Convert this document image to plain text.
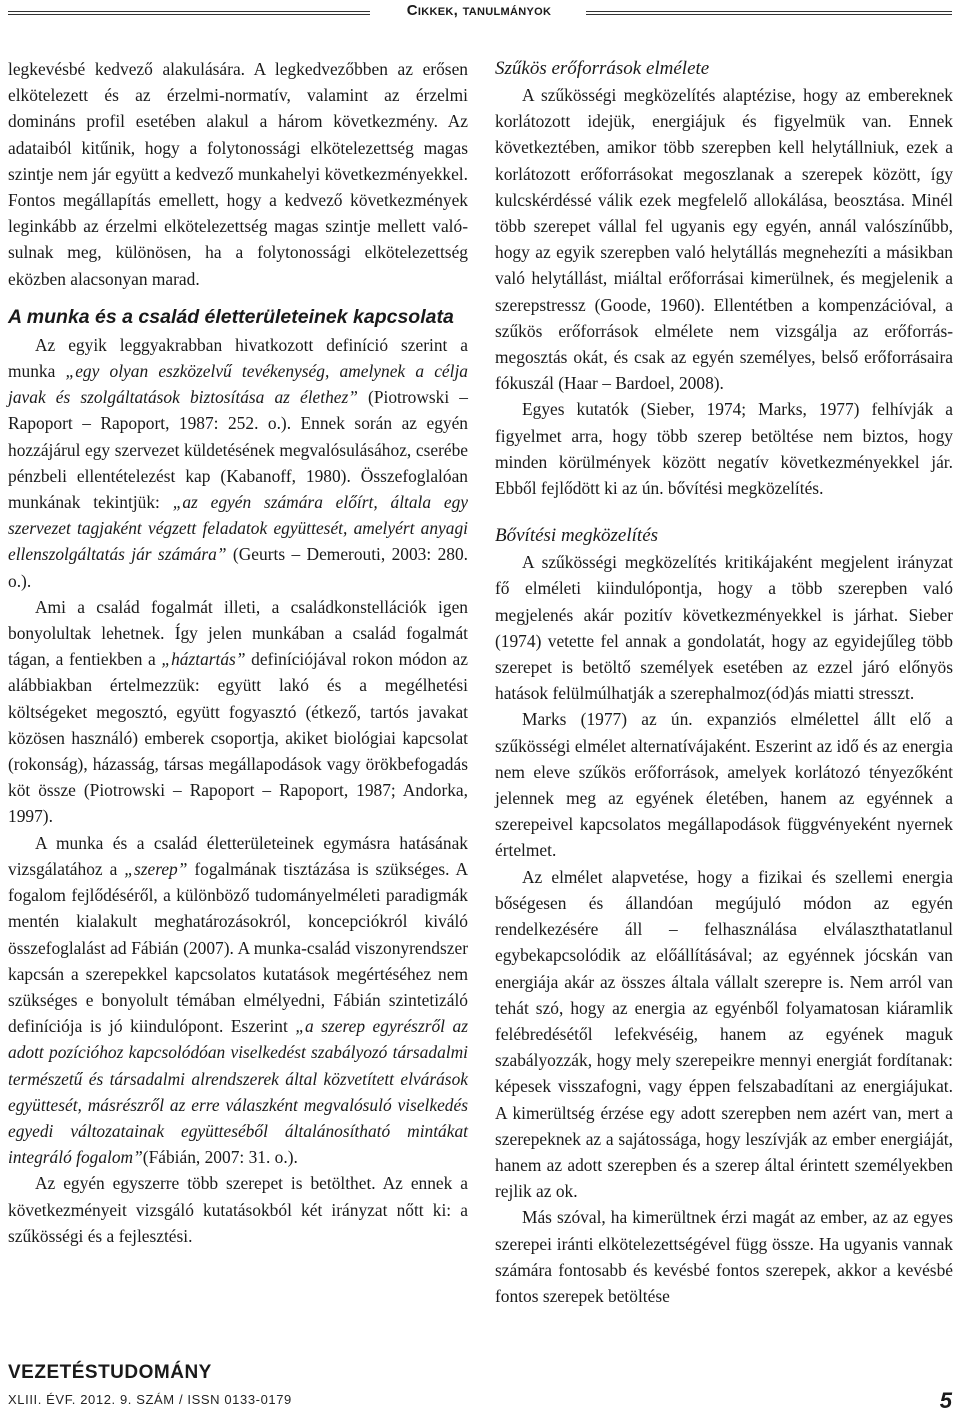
Cikkek, tanulmányok

legkevésbé kedvező alakulására. A legkedvezőbben az erősen elkötelezett és az érzelmi-normatív, valamint az érzelmi domináns profil esetében alakul a három következmény. Az adataiból kitűnik, hogy a folytonossági elkötelezettség magas szintje nem jár együtt a kedvező munkahelyi következményekkel. Fontos megállapítás emellett, hogy a kedvező következmények leginkább az érzelmi elkötelezettség magas szintje mellett valósulnak meg, különösen, ha a folytonossági elkötelezettség eközben alacsonyan marad.

A munka és a család életterületeinek kapcsolata

Az egyik leggyakrabban hivatkozott definíció szerint a munka „egy olyan eszközelvű tevékenység, amelynek a célja javak és szolgáltatások biztosítása az élethez” (Piotrowski – Rapoport – Rapoport, 1987: 252. o.). Ennek során az egyén hozzájárul egy szervezet küldetésének megvalósulásához, cserébe pénzbeli ellentételezést kap (Kabanoff, 1980). Összefoglalóan munkának tekintjük: „az egyén számára előírt, általa egy szervezet tagjaként végzett feladatok együttesét, amelyért anyagi ellenszolgáltatás jár számára” (Geurts – Demerouti, 2003: 280. o.).

Ami a család fogalmát illeti, a családkonstellációk igen bonyolultak lehetnek. Így jelen munkában a család fogalmát tágan, a fentiekben a „háztartás” definíciójával rokon módon az alábbiakban értelmezzük: együtt lakó és a megélhetési költségeket megosztó, együtt fogyasztó (étkező, tartós javakat közösen használó) emberek csoportja, akiket biológiai kapcsolat (rokonság), házasság, társas megállapodások vagy örökbefogadás köt össze (Piotrowski – Rapoport – Rapoport, 1987; Andorka, 1997).

A munka és a család életterületeinek egymásra hatásának vizsgálatához a „szerep” fogalmának tisztázása is szükséges. A fogalom fejlődéséről, a különböző tudományelméleti paradigmák mentén kialakult meghatározásokról, koncepciókról kiváló összefoglalást ad Fábián (2007). A munka-család viszonyrendszer kapcsán a szerepekkel kapcsolatos kutatások megértéséhez nem szükséges e bonyolult témában elmélyedni, Fábián szintetizáló definíciója is jó kiindulópont. Eszerint „a szerep egyrészről az adott pozícióhoz kapcsolódóan viselkedést szabályozó társadalmi természetű és társadalmi alrendszerek által közvetített elvárások együttesét, másrészről az erre válaszként megvalósuló viselkedés egyedi változatainak együtteséből általánosítható mintákat integráló fogalom”(Fábián, 2007: 31. o.).

Az egyén egyszerre több szerepet is betölthet. Az ennek a következményeit vizsgáló kutatásokból két irányzat nőtt ki: a szűkösségi és a fejlesztési.

Szűkös erőforrások elmélete

A szűkösségi megközelítés alaptézise, hogy az embereknek korlátozott idejük, energiájuk és figyelmük van. Ennek következtében, amikor több szerepben kell helytállniuk, ezek a korlátozott erőforrásokat megoszlanak a szerepek között, így kulcskérdéssé válik ezek megfelelő allokálása, beosztása. Minél több szerepet vállal fel ugyanis egy egyén, annál valószínűbb, hogy az egyik szerepben való helytállás megnehezíti a másikban való helytállást, miáltal erőforrásai kimerülnek, és megjelenik a szerepstressz (Goode, 1960). Ellentétben a kompenzációval, a szűkös erőforrások elmélete nem vizsgálja az erőforrás-megosztás okát, és csak az egyén személyes, belső erőforrásaira fókuszál (Haar – Bardoel, 2008).

Egyes kutatók (Sieber, 1974; Marks, 1977) felhívják a figyelmet arra, hogy több szerep betöltése nem biztos, hogy minden körülmények között negatív következményekkel jár. Ebből fejlődött ki az ún. bővítési megközelítés.

Bővítési megközelítés

A szűkösségi megközelítés kritikájaként megjelent irányzat fő elméleti kiindulópontja, hogy a több szerepben való megjelenés akár pozitív következményekkel is járhat. Sieber (1974) vetette fel annak a gondolatát, hogy az egyidejűleg több szerepet is betöltő személyek esetében az ezzel járó előnyös hatások felülmúlhatják a szerephalmoz(ód)ás miatti stresszt.

Marks (1977) az ún. expanziós elmélettel állt elő a szűkösségi elmélet alternatívájaként. Eszerint az idő és az energia nem eleve szűkös erőforrások, amelyek korlátozó tényezőként jelennek meg az egyének életében, hanem az egyénnek a szerepeivel kapcsolatos megállapodások függvényeként nyernek értelmet.

Az elmélet alapvetése, hogy a fizikai és szellemi energia bőségesen és állandóan megújuló módon az egyén rendelkezésére áll – felhasználása elválaszthatatlanul egybekapcsolódik az előállításával; az egyénnek jócskán van energiája akár az összes általa vállalt szerepre is. Nem arról van tehát szó, hogy az energia az egyénből folyamatosan kiáramlik felébredésétől lefekvéséig, hanem az egyének maguk szabályozzák, hogy mely szerepeikre mennyi energiát fordítanak: képesek visszafogni, vagy éppen felszabadítani az energiájukat. A kimerültség érzése egy adott szerepben nem azért van, mert a szerepeknek az a sajátossága, hogy leszívják az ember energiáját, hanem az adott szerepben és a szerep által érintett személyekben rejlik az ok.

Más szóval, ha kimerültnek érzi magát az ember, az az egyes szerepei iránti elkötelezettségével függ össze. Ha ugyanis vannak számára fontosabb és kevésbé fontos szerepek, akkor a kevésbé fontos szerepek betöltése

VEZETÉSTUDOMÁNY
XLIII. ÉVF. 2012. 9. SZÁM / ISSN 0133-0179	5
